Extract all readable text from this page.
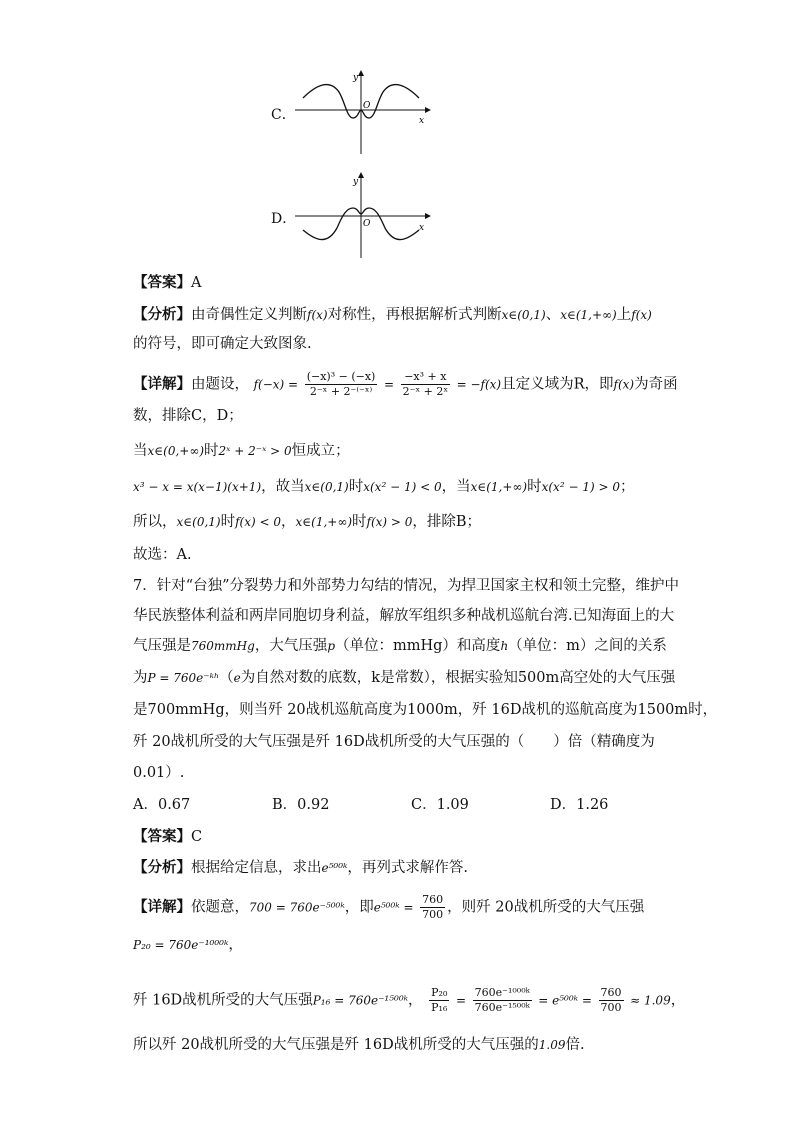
C．
y
x
O
D．
y
x
O
【答案】A
【分析】由奇偶性定义判断f(x)对称性，再根据解析式判断x∈(0,1)、x∈(1,+∞)上f(x)
的符号，即可确定大致图象.
【详解】由题设， $f(-x) = \frac{\text{(−x)³ − (−x)}}{\text{2⁻ˣ + 2⁻⁽⁻ˣ⁾}} = \frac{\text{−x³ + x}}{\text{2⁻ˣ + 2ˣ}} = -f(x)$且定义域为R，即f(x)为奇函
数，排除C，D；
当x∈(0,+∞)时2ˣ + 2⁻ˣ > 0恒成立；
x³ − x = x(x−1)(x+1)，故当x∈(0,1)时x(x² − 1) < 0，当x∈(1,+∞)时x(x² − 1) > 0；
所以，x∈(0,1)时f(x) < 0，x∈(1,+∞)时f(x) > 0，排除B；
故选：A.
7．针对“台独”分裂势力和外部势力勾结的情况，为捍卫国家主权和领土完整，维护中
华民族整体利益和两岸同胞切身利益，解放军组织多种战机巡航台湾.已知海面上的大
气压强是760mmHg，大气压强p（单位：mmHg）和高度h（单位：m）之间的关系
为P = 760e⁻ᵏʰ（e为自然对数的底数，k是常数），根据实验知500m高空处的大气压强
是700mmHg，则当歼 20战机巡航高度为1000m，歼 16D战机的巡航高度为1500m时，
歼 20战机所受的大气压强是歼 16D战机所受的大气压强的（　　）倍（精确度为
0.01）.
A．0.67	B．0.92	C．1.09	D．1.26
【答案】C
【分析】根据给定信息，求出e⁵⁰⁰ᵏ，再列式求解作答.
【详解】依题意，700 = 760e⁻⁵⁰⁰ᵏ，即e⁵⁰⁰ᵏ = $\frac{760}{700}$ ，则歼 20战机所受的大气压强
P₂₀ = 760e⁻¹⁰⁰⁰ᵏ，
歼 16D战机所受的大气压强P₁₆ = 760e⁻¹⁵⁰⁰ᵏ， $\frac{\text{P₂₀}}{\text{P₁₆}} = \frac{\text{760e⁻¹⁰⁰⁰ᵏ}}{\text{760e⁻¹⁵⁰⁰ᵏ}}$ = e⁵⁰⁰ᵏ = $\frac{760}{700} \approx 1.09$，
所以歼 20战机所受的大气压强是歼 16D战机所受的大气压强的1.09倍.
